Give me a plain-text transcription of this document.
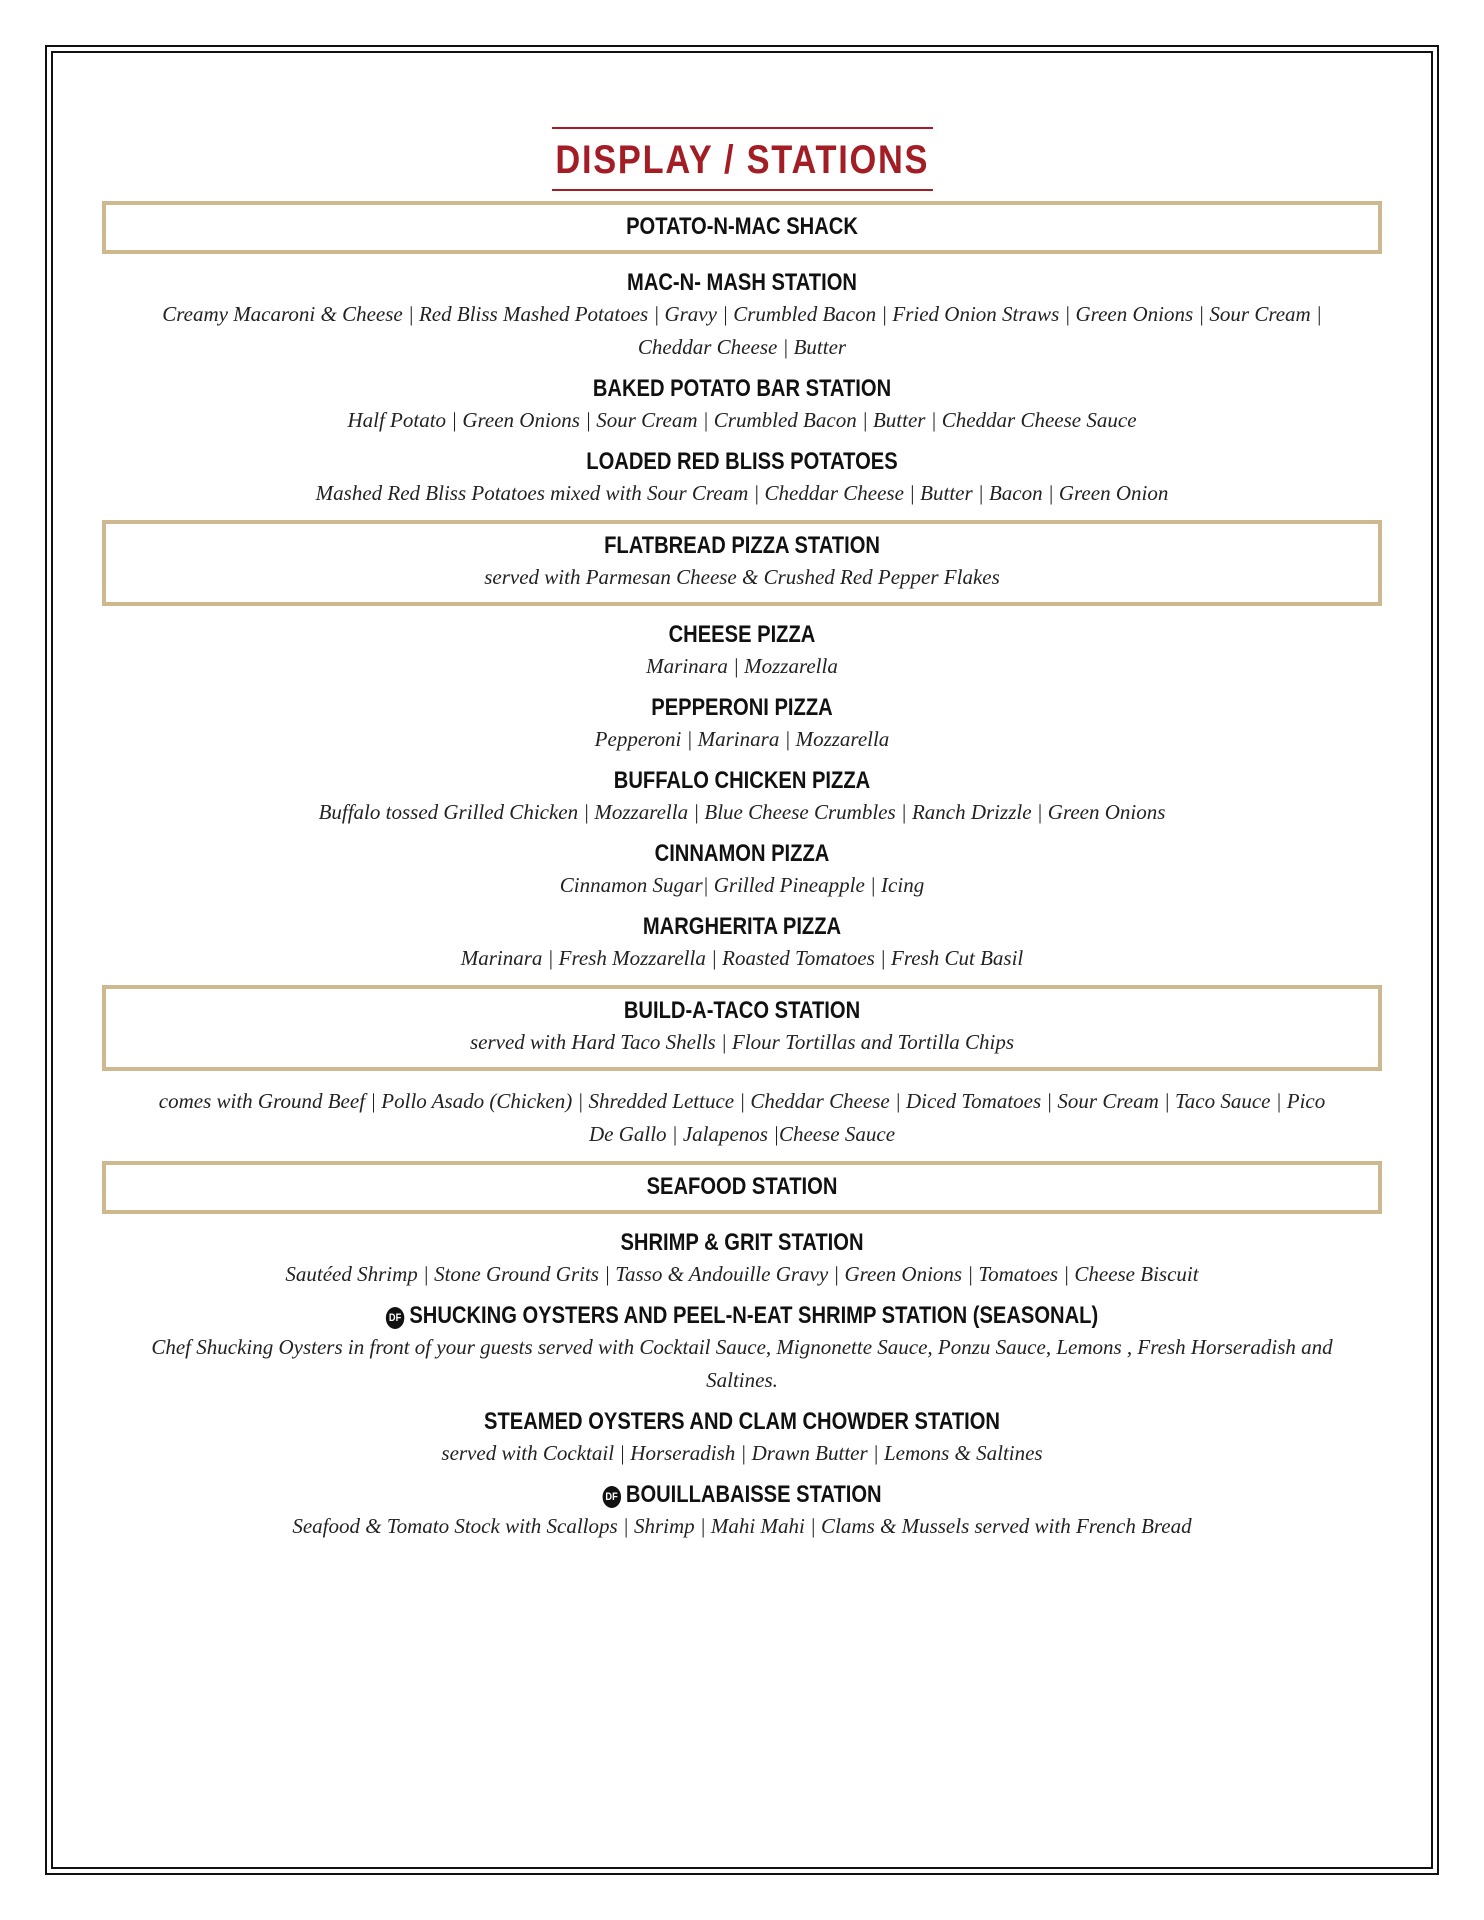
DISPLAY / STATIONS
POTATO-N-MAC SHACK
MAC-N- MASH STATION
Creamy Macaroni & Cheese | Red Bliss Mashed Potatoes | Gravy | Crumbled Bacon | Fried Onion Straws | Green Onions | Sour Cream |
Cheddar Cheese | Butter
BAKED POTATO BAR STATION
Half Potato | Green Onions | Sour Cream | Crumbled Bacon | Butter | Cheddar Cheese Sauce
LOADED RED BLISS POTATOES
Mashed Red Bliss Potatoes mixed with Sour Cream | Cheddar Cheese | Butter | Bacon | Green Onion
FLATBREAD PIZZA STATION
served with Parmesan Cheese & Crushed Red Pepper Flakes
CHEESE PIZZA
Marinara | Mozzarella
PEPPERONI PIZZA
Pepperoni | Marinara | Mozzarella
BUFFALO CHICKEN PIZZA
Buffalo tossed Grilled Chicken | Mozzarella | Blue Cheese Crumbles | Ranch Drizzle | Green Onions
CINNAMON PIZZA
Cinnamon Sugar| Grilled Pineapple | Icing
MARGHERITA PIZZA
Marinara | Fresh Mozzarella | Roasted Tomatoes | Fresh Cut Basil
BUILD-A-TACO STATION
served with Hard Taco Shells | Flour Tortillas and Tortilla Chips
comes with Ground Beef | Pollo Asado (Chicken) | Shredded Lettuce | Cheddar Cheese | Diced Tomatoes | Sour Cream | Taco Sauce | Pico
De Gallo | Jalapenos |Cheese Sauce
SEAFOOD STATION
SHRIMP & GRIT STATION
Sautéed Shrimp | Stone Ground Grits | Tasso & Andouille Gravy | Green Onions | Tomatoes | Cheese Biscuit
DF SHUCKING OYSTERS AND PEEL-N-EAT SHRIMP STATION (SEASONAL)
Chef Shucking Oysters in front of your guests served with Cocktail Sauce, Mignonette Sauce, Ponzu Sauce, Lemons , Fresh Horseradish and
Saltines.
STEAMED OYSTERS AND CLAM CHOWDER STATION
served with Cocktail | Horseradish | Drawn Butter | Lemons & Saltines
DF BOUILLABAISSE STATION
Seafood & Tomato Stock with Scallops | Shrimp | Mahi Mahi | Clams & Mussels served with French Bread
